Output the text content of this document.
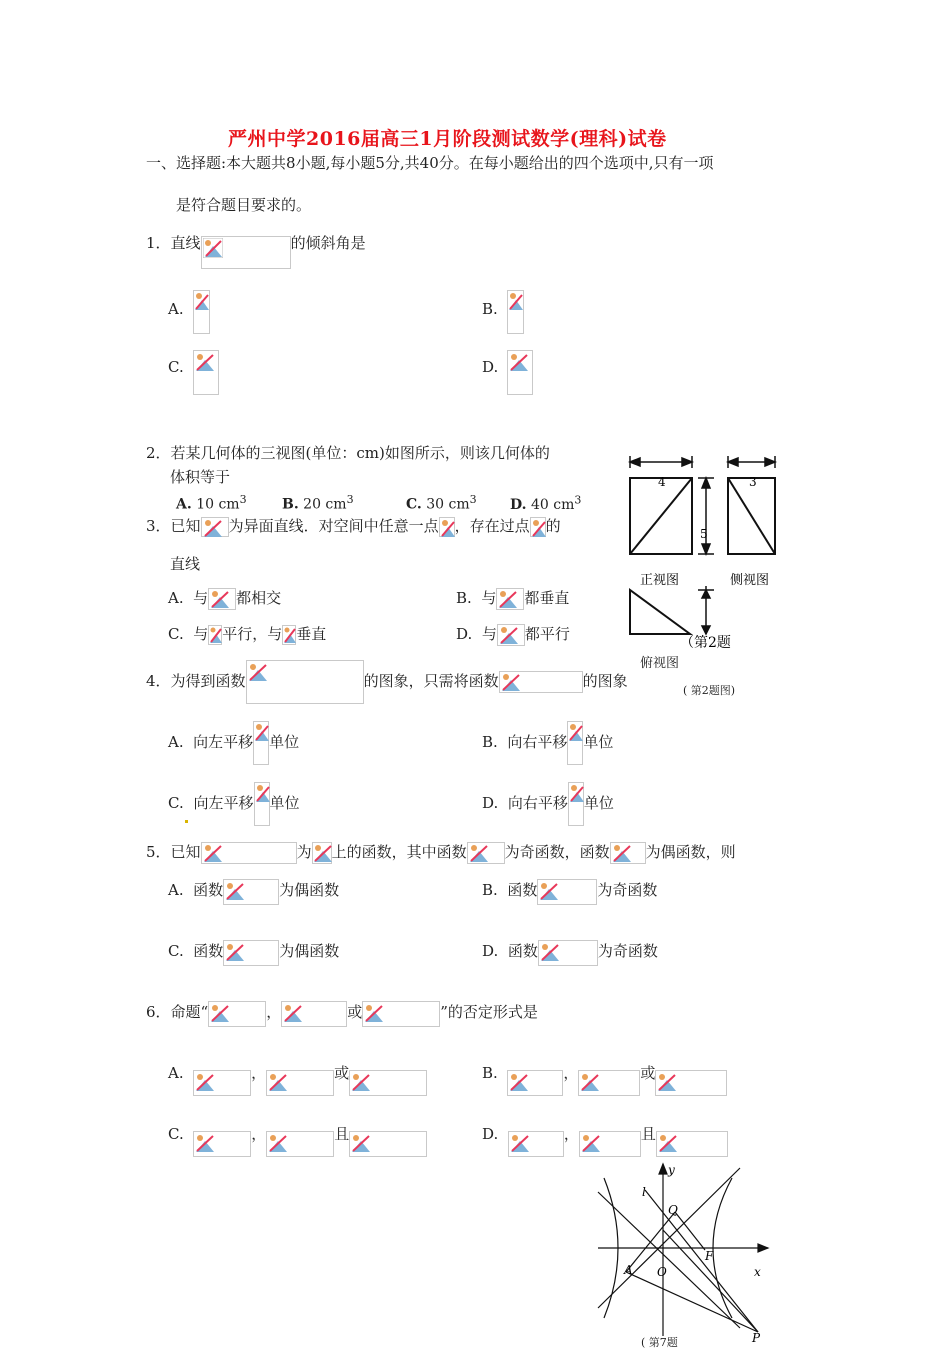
严州中学2016届高三1月阶段测试数学(理科)试卷
一、选择题:本大题共8小题,每小题5分,共40分。在每小题给出的四个选项中,只有一项
是符合题目要求的。
1．直线	的倾斜角是
A.	B.
C.	D.
2．若某几何体的三视图(单位：cm)如图所示，则该几何体的
体积等于
A. 10 $cm^3$	B. 20 $cm^3$	C. 30 $cm^3$ D. 40 $cm^3$
4	3
5
正视图	侧视图
（第2题
俯视图
( 第2题图)
3．已知 为异面直线．对空间中任意一点 ，存在过点 的
直线
A. 与 都相交	B. 与 都垂直
C. 与 平行，与 垂直	D. 与 都平行
4．为得到函数	的图象，只需将函数	的图象
A. 向左平移 单位	B. 向右平移 单位
C. 向左平移 单位	D. 向右平移 单位
5．已知	为 上的函数，其中函数	为奇函数，函数 为偶函数，则
A. 函数	为偶函数	B. 函数	为奇函数
C. 函数	为偶函数	D. 函数	为奇函数
6．命题“	，	或	”的否定形式是
A.	，	或	B.	，	或
C.	，	且	D.	，	且
y
x
l
Q
F
A O
P
( 第7题
